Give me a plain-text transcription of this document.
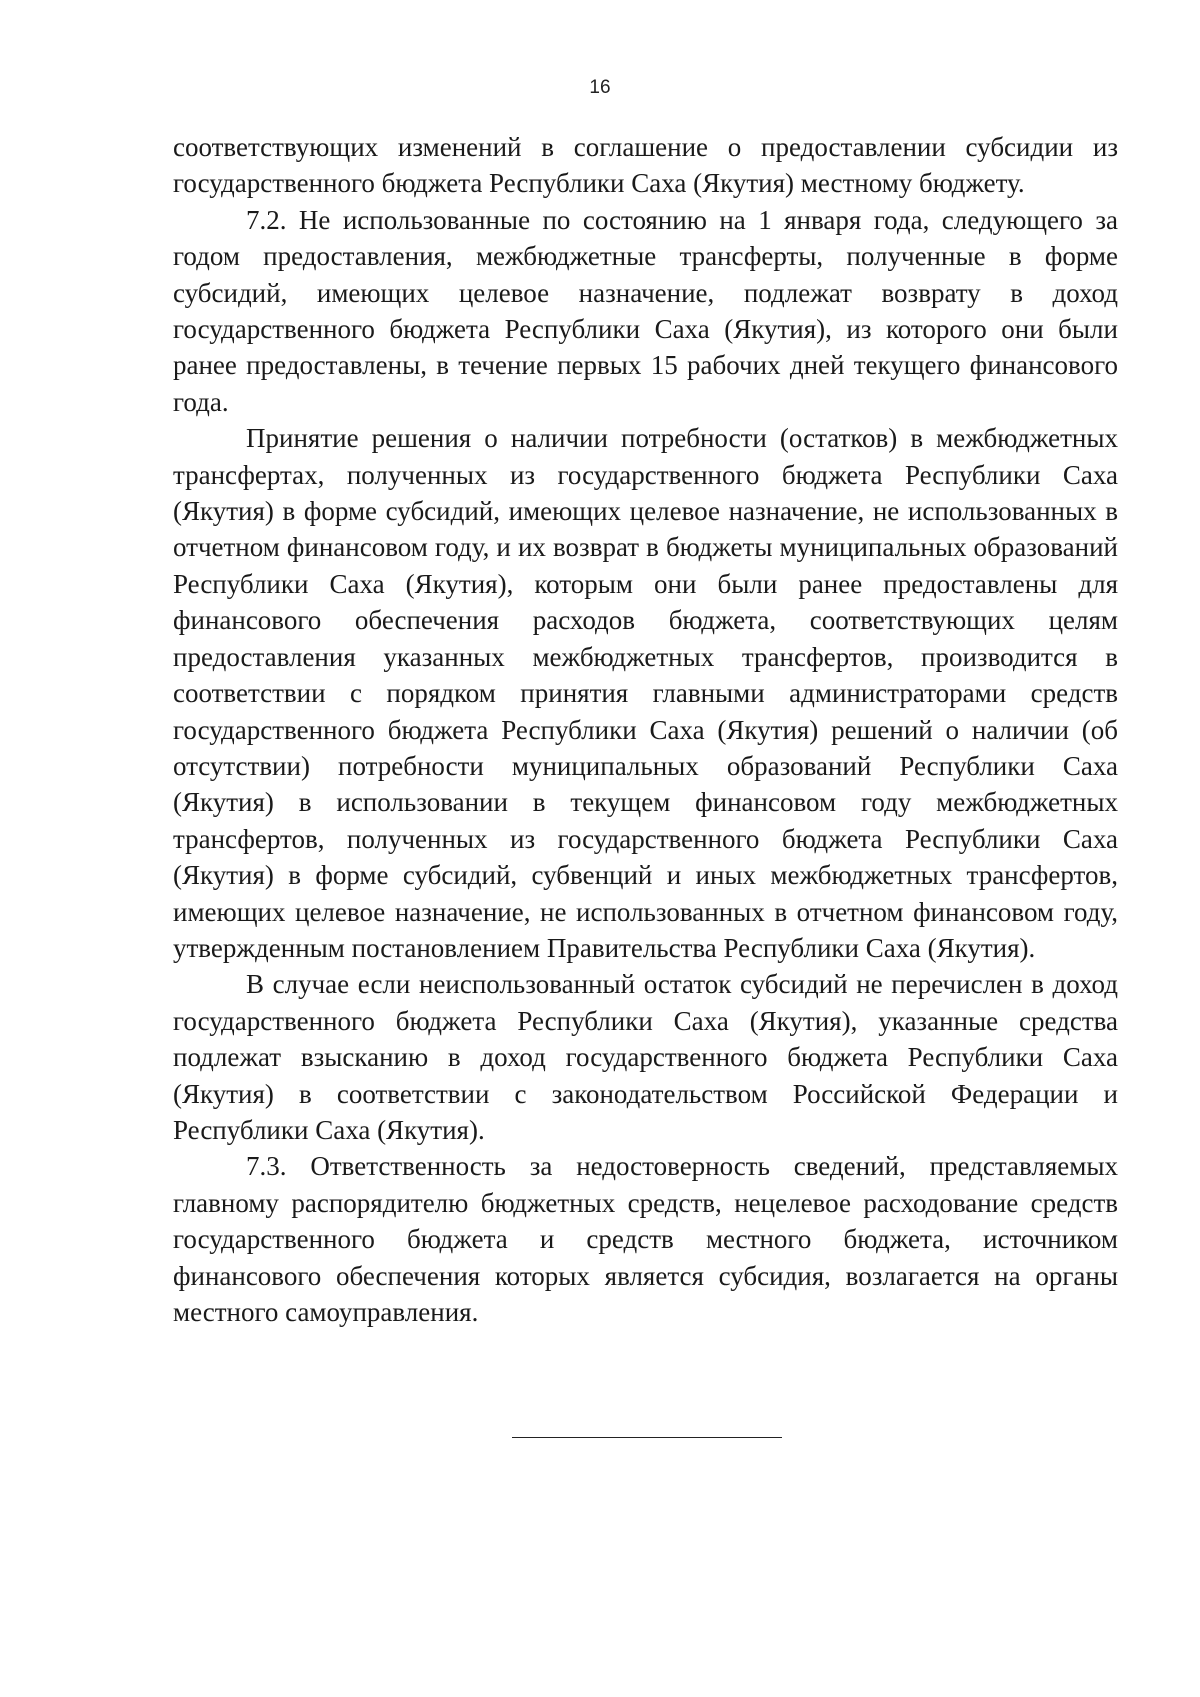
16

соответствующих изменений в соглашение о предоставлении субсидии из государственного бюджета Республики Саха (Якутия) местному бюджету.

7.2. Не использованные по состоянию на 1 января года, следующего за годом предоставления, межбюджетные трансферты, полученные в форме субсидий, имеющих целевое назначение, подлежат возврату в доход государственного бюджета Республики Саха (Якутия), из которого они были ранее предоставлены, в течение первых 15 рабочих дней текущего финансового года.

Принятие решения о наличии потребности (остатков) в межбюджетных трансфертах, полученных из государственного бюджета Республики Саха (Якутия) в форме субсидий, имеющих целевое назначение, не использованных в отчетном финансовом году, и их возврат в бюджеты муниципальных образований Республики Саха (Якутия), которым они были ранее предоставлены для финансового обеспечения расходов бюджета, соответствующих целям предоставления указанных межбюджетных трансфертов, производится в соответствии с порядком принятия главными администраторами средств государственного бюджета Республики Саха (Якутия) решений о наличии (об отсутствии) потребности муниципальных образований Республики Саха (Якутия) в использовании в текущем финансовом году межбюджетных трансфертов, полученных из государственного бюджета Республики Саха (Якутия) в форме субсидий, субвенций и иных межбюджетных трансфертов, имеющих целевое назначение, не использованных в отчетном финансовом году, утвержденным постановлением Правительства Республики Саха (Якутия).

В случае если неиспользованный остаток субсидий не перечислен в доход государственного бюджета Республики Саха (Якутия), указанные средства подлежат взысканию в доход государственного бюджета Республики Саха (Якутия) в соответствии с законодательством Российской Федерации и Республики Саха (Якутия).

7.3. Ответственность за недостоверность сведений, представляемых главному распорядителю бюджетных средств, нецелевое расходование средств государственного бюджета и средств местного бюджета, источником финансового обеспечения которых является субсидия, возлагается на органы местного самоуправления.
